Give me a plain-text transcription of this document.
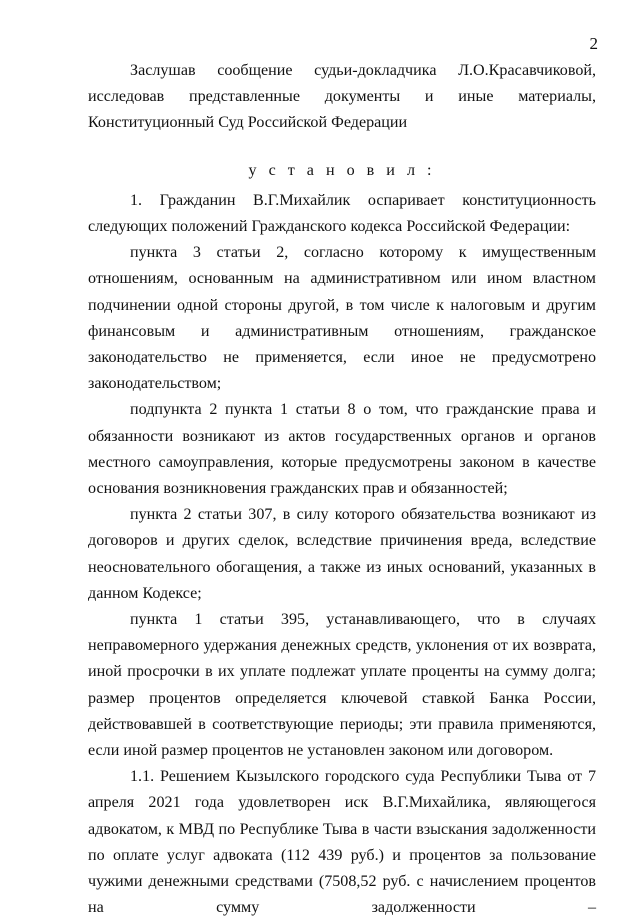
2

Заслушав сообщение судьи-докладчика Л.О.Красавчиковой, исследовав представленные документы и иные материалы, Конституционный Суд Российской Федерации

у с т а н о в и л :

1. Гражданин В.Г.Михайлик оспаривает конституционность следующих положений Гражданского кодекса Российской Федерации:

пункта 3 статьи 2, согласно которому к имущественным отношениям, основанным на административном или ином властном подчинении одной стороны другой, в том числе к налоговым и другим финансовым и административным отношениям, гражданское законодательство не применяется, если иное не предусмотрено законодательством;

подпункта 2 пункта 1 статьи 8 о том, что гражданские права и обязанности возникают из актов государственных органов и органов местного самоуправления, которые предусмотрены законом в качестве основания возникновения гражданских прав и обязанностей;

пункта 2 статьи 307, в силу которого обязательства возникают из договоров и других сделок, вследствие причинения вреда, вследствие неосновательного обогащения, а также из иных оснований, указанных в данном Кодексе;

пункта 1 статьи 395, устанавливающего, что в случаях неправомерного удержания денежных средств, уклонения от их возврата, иной просрочки в их уплате подлежат уплате проценты на сумму долга; размер процентов определяется ключевой ставкой Банка России, действовавшей в соответствующие периоды; эти правила применяются, если иной размер процентов не установлен законом или договором.

1.1. Решением Кызылского городского суда Республики Тыва от 7 апреля 2021 года удовлетворен иск В.Г.Михайлика, являющегося адвокатом, к МВД по Республике Тыва в части взыскания задолженности по оплате услуг адвоката (112 439 руб.) и процентов за пользование чужими денежными средствами (7508,52 руб. с начислением процентов на сумму задолженности –
